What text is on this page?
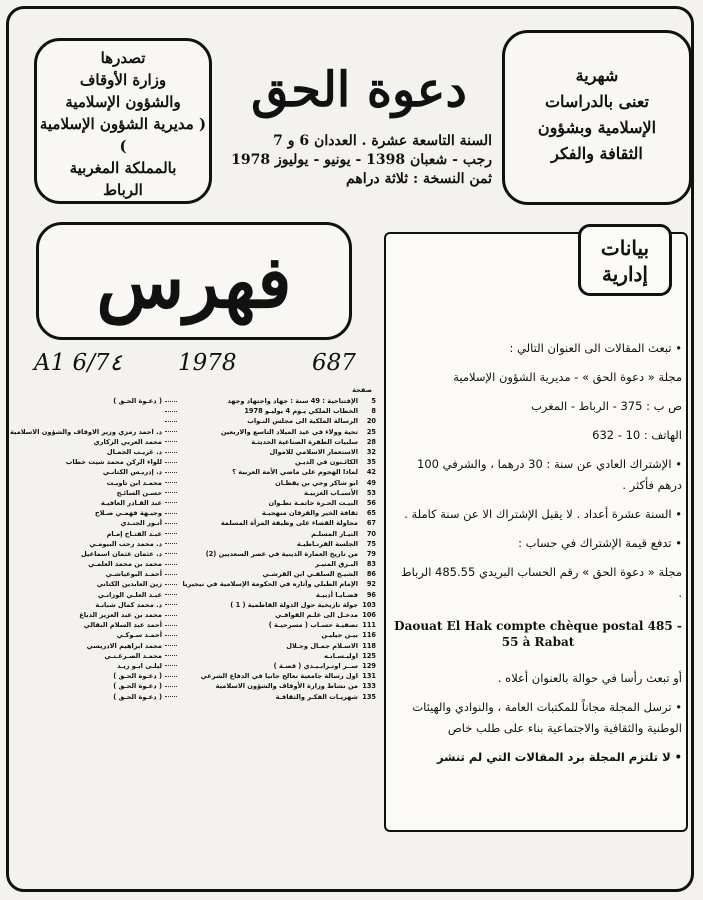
تصدرها
وزارة الأوقاف
والشؤون الإسلامية
( مديرية الشؤون الإسلامية )
بالمملكة المغربية
الرباط
شهرية
تعنى بالدراسات
الإسلامية وبشؤون
الثقافة والفكر
دعوة الحق
السنة التاسعة عشرة . العددان 6 و 7
رجب - شعبان 1398 - يونيو - يوليوز 1978
ثمن النسخة : ثلاثة دراهم
فهرس	بيانات
إدارية

• تبعث المقالات الى العنوان التالي :

مجلة « دعوة الحق » - مديرية الشؤون الإسلامية

ص ب : 375 - الرباط - المغرب

الهاتف : 10 - 632

• الإشتراك العادي عن سنة : 30 درهما ، والشرفي 100 درهم فأكثر .

• السنة عشرة أعداد . لا يقبل الإشتراك الا عن سنة كاملة .

• تدفع قيمة الإشتراك في حساب :

مجلة « دعوة الحق » رقم الحساب البريدي 485.55 الرباط .

Daouat El Hak compte chèque postal 485 - 55 à Rabat

أو تبعث رأسا في حوالة بالعنوان أعلاه .

• ترسل المجلة مجاناً للمكتبات العامة ، والنوادي والهيئات الوطنية والثقافية والاجتماعية بناء على طلب خاص

• لا تلتزم المجلة برد المقالات التي لم تنشر

A1 6/7٤ 1978	687
صفحة
5
الإفتتاحية : 49 سنة : جهاد واجتهاد وجهد
( دعـوة الحـق )
8
الخطاب الملكي يـوم 4 يوليـو 1978
20
الرسالة الملكية الى مجلس النـواب
25
تحية وولاء في عيد الميلاد التاسع والاربعين
د. احمد رمزي وزير الاوقاف والشؤون الاسلامية
28
سلبيات الطفرة الصناعية الحديثـة
محمد العربي الزكاري
32
الاستعمار الاسلامي للاموال
د. غريـب الجمـال
35
الكائـنون في الديـن
للواء الركن محمد شيت خطاب
42
لماذا الهجوم على ماضي الأمة العربية ؟
د. إدريـس الكتانـي
49
ابو شاكر وحي بن يقظـان
محمـد ابن تاويـت
53
الأسبـاب الغربيـة
حسـن السائـح
56
البيـت الحـرة خاتمـة تطـوان
عبد القـادر العافيـة
65
ثقافة الخير والفرقان منهجيـة
وجيـهة فهمـي صـلاح
67
محاولة القضاء على وظيفة المرأة المسلمة
أنـور الجنـدي
70
التيـار المسلـم
عبـد الفتـاح إمـام
75
الجلسة الفرنـاطيـة
د. محمد رجب البيومـي
79
من تاريخ العمارة الدينية في عصر السعديين (2)
د. عثمان عثمان اسماعيل
83
البـرق المنيـر
محمد بن محمد العلمـي
86
الشيـخ السلفـي ابن القرشـي
أحمـد البوعياشـي
92
الإمام الطبلي وآثاره في الحكومة الإسلامية في نيجيريا
زين العابدين الكتاني
96
قضـايـا أدبيـة
عبـد العلـي الوزانـي
103
جولة تاريخية حول الدولة الفاطمية ( 1 )
د. محمد كمال شبانـة
106
مدخـل الى علـم القوافـي
محمد بن عبد العزيز الدباغ
111
تصفيـة حسـاب ( مسرحيـة )
أحمد عبد السلام البقالي
116
بيـن جيليـن
أحمـد سـوكـي
118
الاسـلام جمـال وجـلال
محمد ابراهيم الادريسي
125
اوليـسـانـه
محمـد الصـرغـتـي
129
ســر اوتـرابـيـدي ( قصـة )
ليلـى ابـو زيـد
131
اول رسالة جامعية تعالج جانبا في الدفاع الشرعي
( دعـوة الحـق )
133
من نشاط وزارة الأوقاف والشؤون الاسلامية
( دعـوة الحـق )
135
شهريـات الفكـر والثقافـة
( دعـوة الحـق )
